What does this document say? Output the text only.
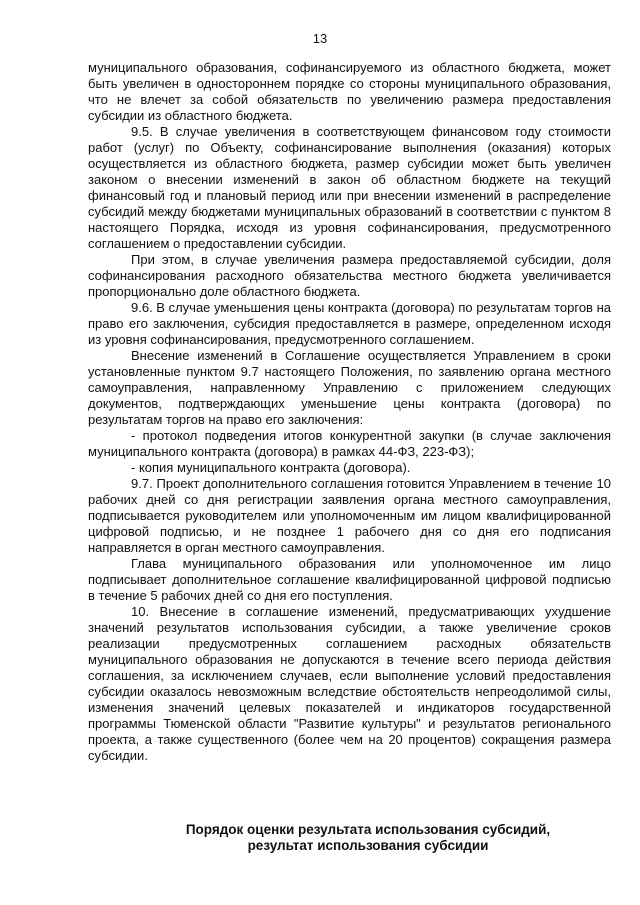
13

муниципального образования, софинансируемого из областного бюджета, может быть увеличен в одностороннем порядке со стороны муниципального образования, что не влечет за собой обязательств по увеличению размера предоставления субсидии из областного бюджета.

9.5. В случае увеличения в соответствующем финансовом году стоимости работ (услуг) по Объекту, софинансирование выполнения (оказания) которых осуществляется из областного бюджета, размер субсидии может быть увеличен законом о внесении изменений в закон об областном бюджете на текущий финансовый год и плановый период или при внесении изменений в распределение субсидий между бюджетами муниципальных образований в соответствии с пунктом 8 настоящего Порядка, исходя из уровня софинансирования, предусмотренного соглашением о предоставлении субсидии.

При этом, в случае увеличения размера предоставляемой субсидии, доля софинансирования расходного обязательства местного бюджета увеличивается пропорционально доле областного бюджета.

9.6. В случае уменьшения цены контракта (договора) по результатам торгов на право его заключения, субсидия предоставляется в размере, определенном исходя из уровня софинансирования, предусмотренного соглашением.

Внесение изменений в Соглашение осуществляется Управлением в сроки установленные пунктом 9.7 настоящего Положения, по заявлению органа местного самоуправления, направленному Управлению с приложением следующих документов, подтверждающих уменьшение цены контракта (договора) по результатам торгов на право его заключения:

- протокол подведения итогов конкурентной закупки (в случае заключения муниципального контракта (договора) в рамках 44-ФЗ, 223-ФЗ);

- копия муниципального контракта (договора).

9.7. Проект дополнительного соглашения готовится Управлением в течение 10 рабочих дней со дня регистрации заявления органа местного самоуправления, подписывается руководителем или уполномоченным им лицом квалифицированной цифровой подписью, и не позднее 1 рабочего дня со дня его подписания направляется в орган местного самоуправления.

Глава муниципального образования или уполномоченное им лицо подписывает дополнительное соглашение квалифицированной цифровой подписью в течение 5 рабочих дней со дня его поступления.

10. Внесение в соглашение изменений, предусматривающих ухудшение значений результатов использования субсидии, а также увеличение сроков реализации предусмотренных соглашением расходных обязательств муниципального образования не допускаются в течение всего периода действия соглашения, за исключением случаев, если выполнение условий предоставления субсидии оказалось невозможным вследствие обстоятельств непреодолимой силы, изменения значений целевых показателей и индикаторов государственной программы Тюменской области "Развитие культуры" и результатов регионального проекта, а также существенного (более чем на 20 процентов) сокращения размера субсидии.

Порядок оценки результата использования субсидий,
результат использования субсидии
